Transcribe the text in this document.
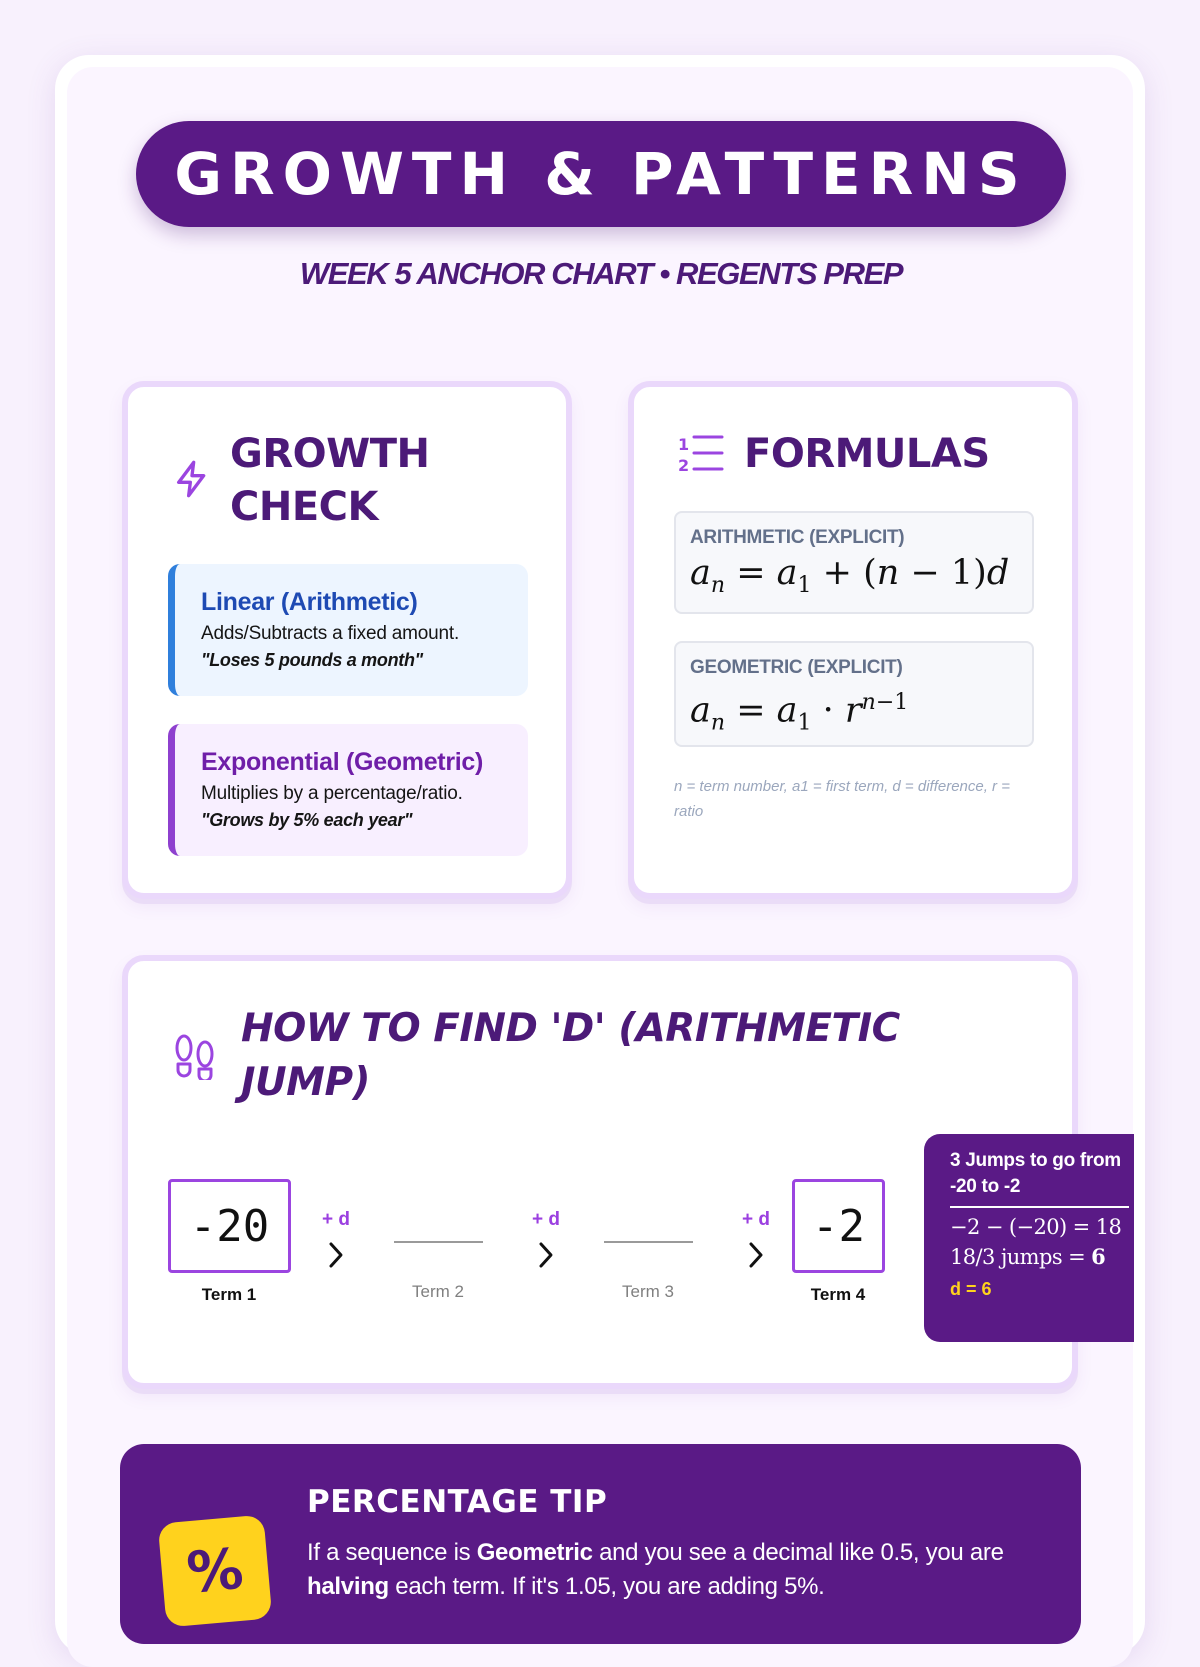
GROWTH & PATTERNS
WEEK 5 ANCHOR CHART • REGENTS PREP
GROWTH CHECK
Linear (Arithmetic)
Adds/Subtracts a fixed amount.
"Loses 5 pounds a month"
Exponential (Geometric)
Multiplies by a percentage/ratio.
"Grows by 5% each year"
1
2 FORMULAS
ARITHMETIC (EXPLICIT)
$a_n = a_1 + (n - 1)d$
GEOMETRIC (EXPLICIT)
$a_n = a_1 \cdot r^{n-1}$
n = term number, a1 = first term, d = difference, r = ratio
HOW TO FIND 'D' (ARITHMETIC JUMP)
-20
Term 1
+ d
Term 2
+ d
Term 3
+ d -2
Term 4
3 Jumps to go from -20 to -2
−2 − (−20) = 18
18/3 jumps = 6
d = 6
%
PERCENTAGE TIP
If a sequence is Geometric and you see a decimal like 0.5, you are halving each term. If it's 1.05, you are adding 5%.
